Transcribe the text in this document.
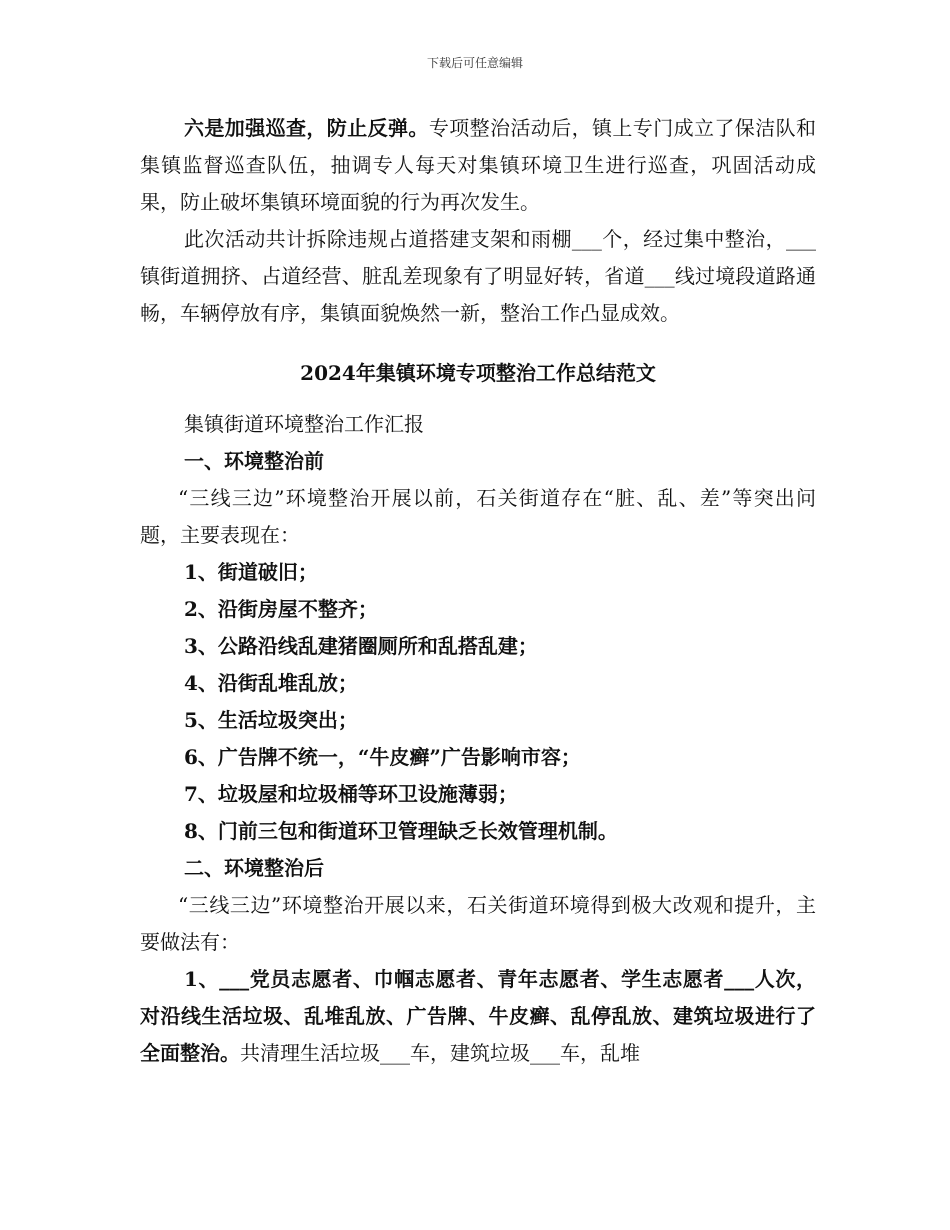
下载后可任意编辑

六是加强巡查，防止反弹。专项整治活动后，镇上专门成立了保洁队和集镇监督巡查队伍，抽调专人每天对集镇环境卫生进行巡查，巩固活动成果，防止破坏集镇环境面貌的行为再次发生。

此次活动共计拆除违规占道搭建支架和雨棚___个，经过集中整治，___镇街道拥挤、占道经营、脏乱差现象有了明显好转，省道___线过境段道路通畅，车辆停放有序，集镇面貌焕然一新，整治工作凸显成效。

2024年集镇环境专项整治工作总结范文

集镇街道环境整治工作汇报

一、环境整治前

“三线三边”环境整治开展以前，石关街道存在“脏、乱、差”等突出问题，主要表现在：

1、街道破旧；

2、沿街房屋不整齐；

3、公路沿线乱建猪圈厕所和乱搭乱建；

4、沿街乱堆乱放；

5、生活垃圾突出；

6、广告牌不统一，“牛皮癣”广告影响市容；

7、垃圾屋和垃圾桶等环卫设施薄弱；

8、门前三包和街道环卫管理缺乏长效管理机制。

二、环境整治后

“三线三边”环境整治开展以来，石关街道环境得到极大改观和提升，主要做法有：

1、___党员志愿者、巾帼志愿者、青年志愿者、学生志愿者___人次，对沿线生活垃圾、乱堆乱放、广告牌、牛皮癣、乱停乱放、建筑垃圾进行了全面整治。共清理生活垃圾___车，建筑垃圾___车，乱堆
